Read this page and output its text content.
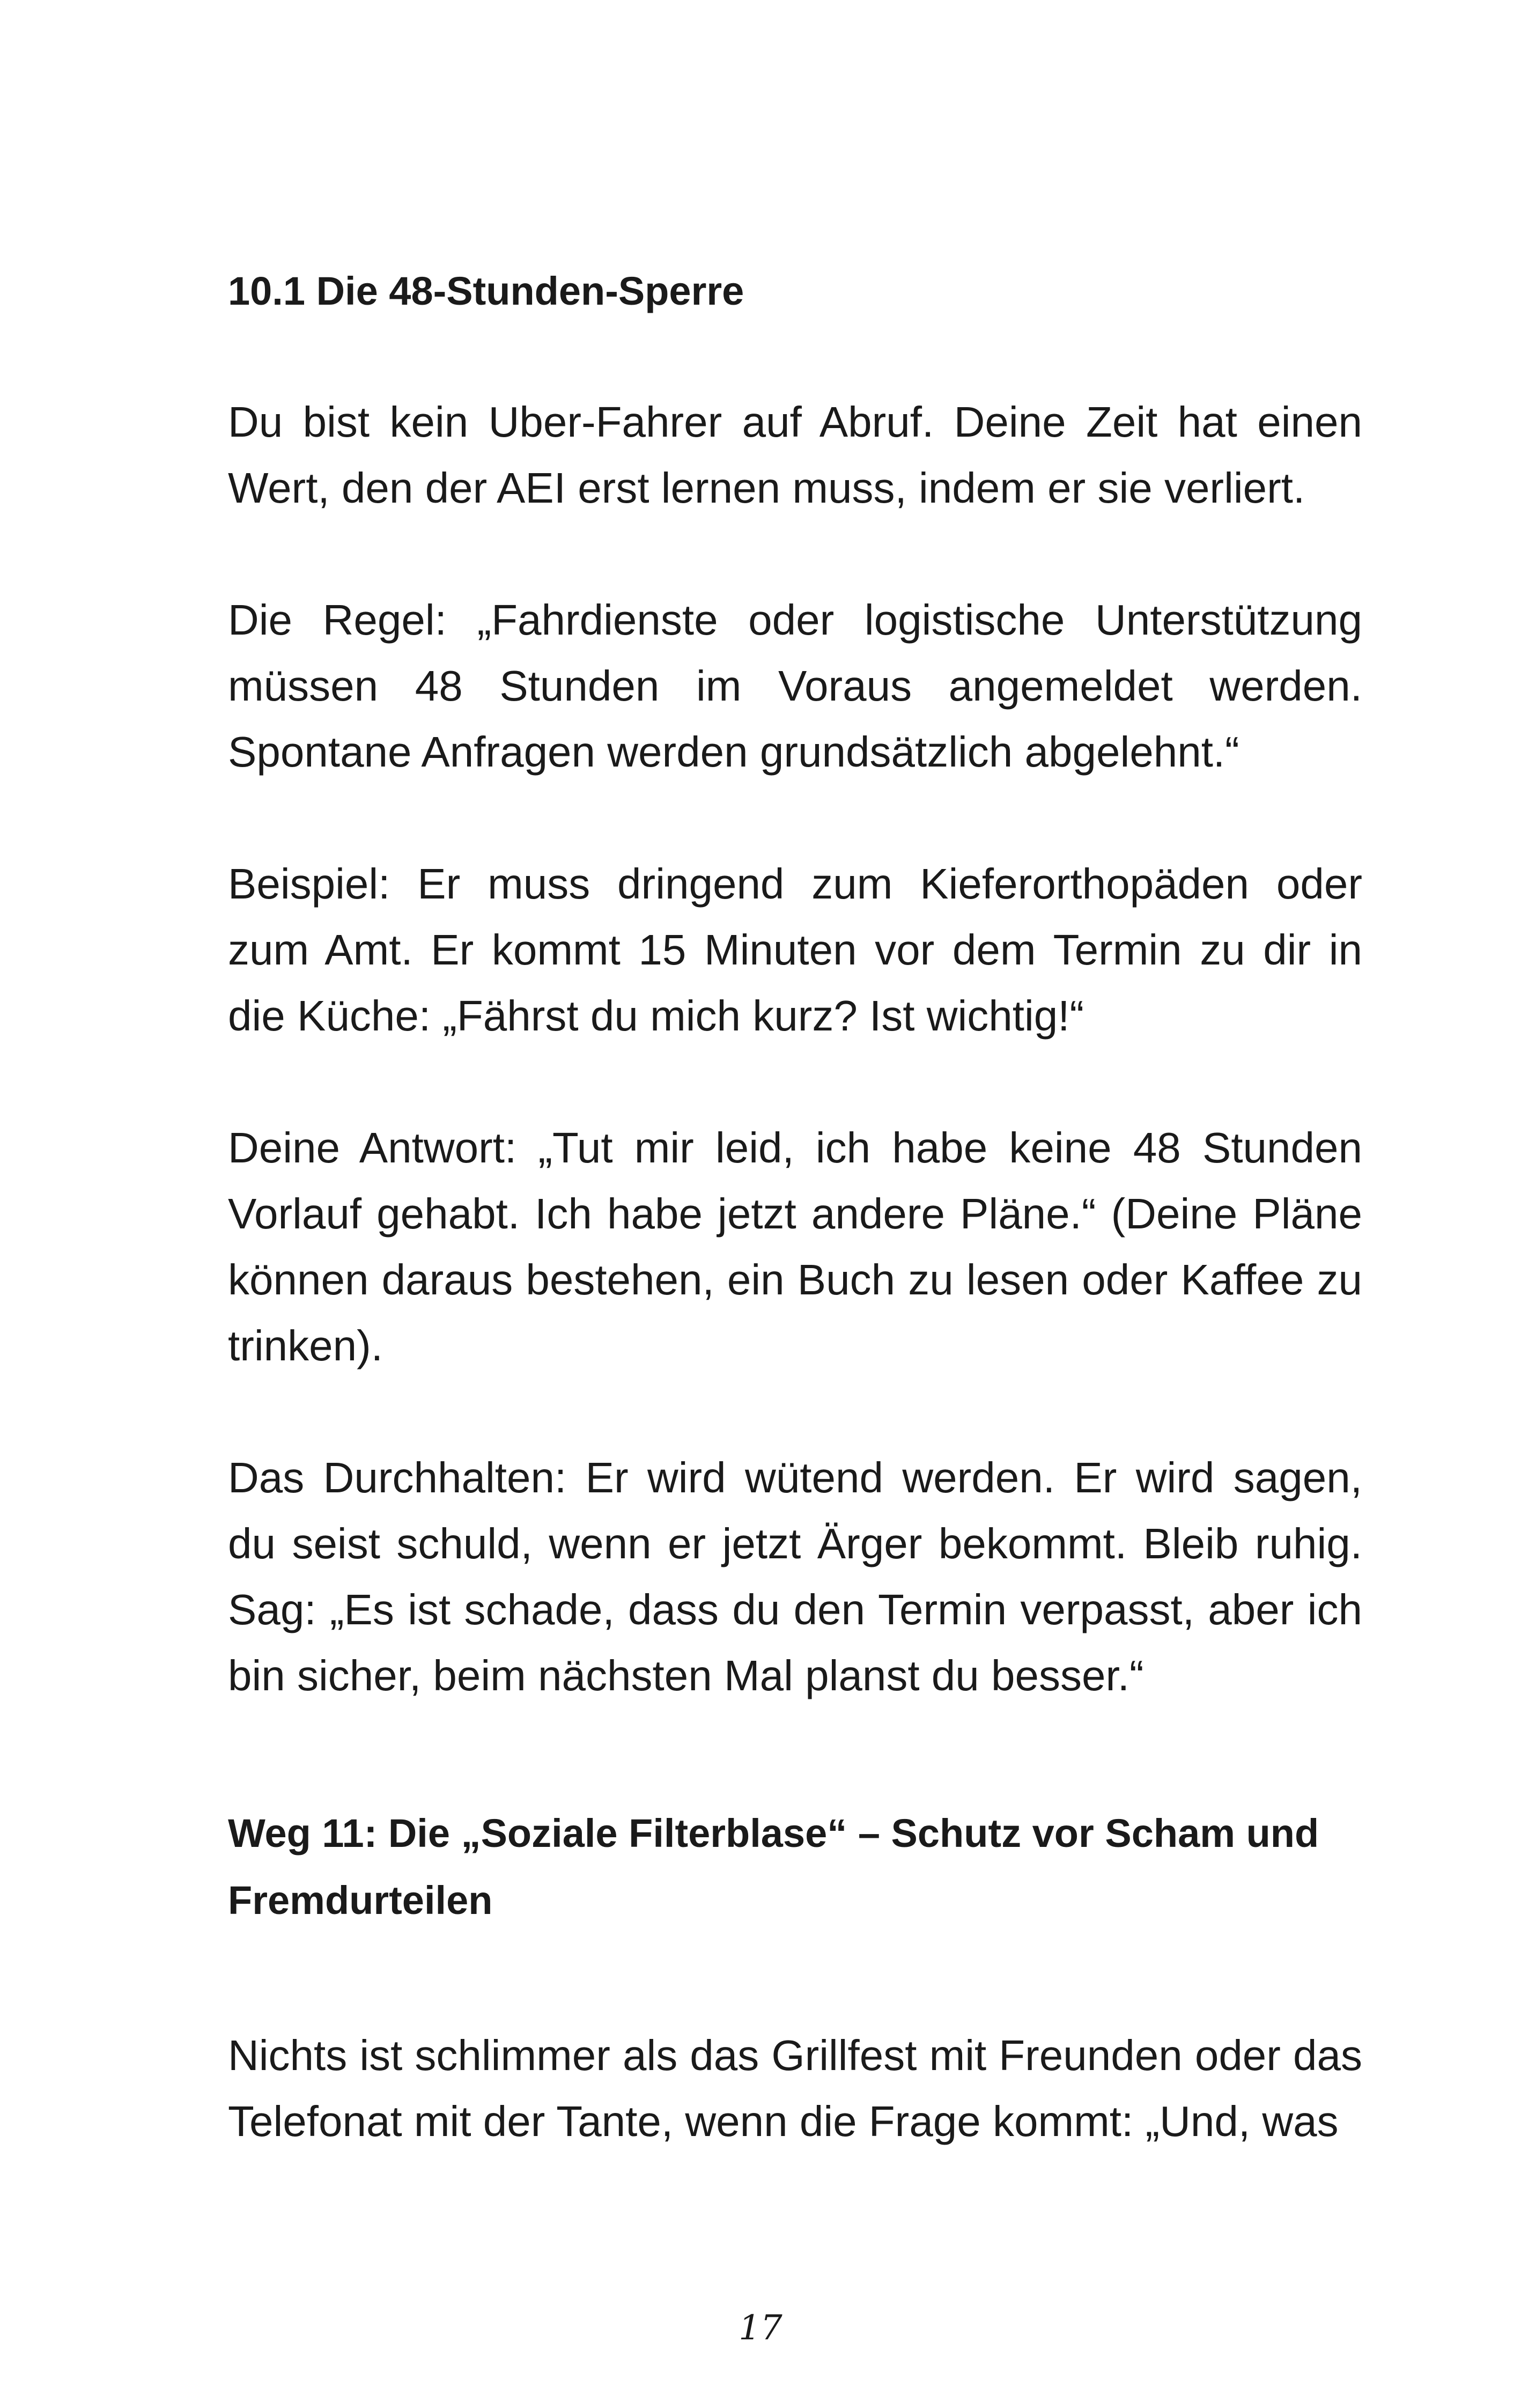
10.1 Die 48-Stunden-Sperre

Du bist kein Uber-Fahrer auf Abruf. Deine Zeit hat einen Wert, den der AEI erst lernen muss, indem er sie verliert.

Die Regel: „Fahrdienste oder logistische Unterstützung müssen 48 Stunden im Voraus angemeldet werden. Spontane Anfragen werden grundsätzlich abgelehnt.“

Beispiel: Er muss dringend zum Kieferorthopäden oder zum Amt. Er kommt 15 Minuten vor dem Termin zu dir in die Küche: „Fährst du mich kurz? Ist wichtig!“

Deine Antwort: „Tut mir leid, ich habe keine 48 Stunden Vorlauf gehabt. Ich habe jetzt andere Pläne.“ (Deine Pläne können daraus bestehen, ein Buch zu lesen oder Kaffee zu trinken).

Das Durchhalten: Er wird wütend werden. Er wird sagen, du seist schuld, wenn er jetzt Ärger bekommt. Bleib ruhig. Sag: „Es ist schade, dass du den Termin verpasst, aber ich bin sicher, beim nächsten Mal planst du besser.“

Weg 11: Die „Soziale Filterblase“ – Schutz vor Scham und Fremdurteilen

Nichts ist schlimmer als das Grillfest mit Freunden oder das Telefonat mit der Tante, wenn die Frage kommt: „Und, was

17
